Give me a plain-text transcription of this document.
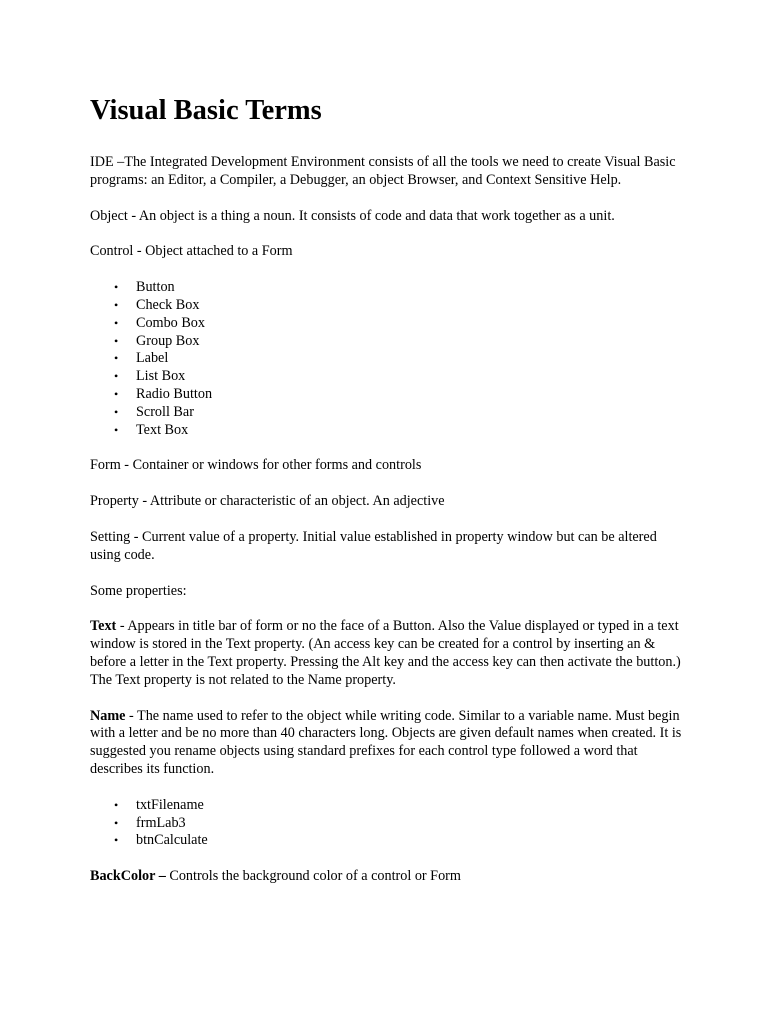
Visual Basic Terms

IDE –The Integrated Development Environment consists of all the tools we need to create Visual Basic programs: an Editor, a Compiler, a Debugger, an object Browser, and Context Sensitive Help.

Object - An object is a thing a noun. It consists of code and data that work together as a unit.

Control - Object attached to a Form

• Button
• Check Box
• Combo Box
• Group Box
• Label
• List Box
• Radio Button
• Scroll Bar
• Text Box

Form - Container or windows for other forms and controls

Property - Attribute or characteristic of an object. An adjective

Setting - Current value of a property. Initial value established in property window but can be altered using code.

Some properties:

Text - Appears in title bar of form or no the face of a Button. Also the Value displayed or typed in a text window is stored in the Text property. (An access key can be created for a control by inserting an & before a letter in the Text property. Pressing the Alt key and the access key can then activate the button.) The Text property is not related to the Name property.

Name - The name used to refer to the object while writing code. Similar to a variable name. Must begin with a letter and be no more than 40 characters long. Objects are given default names when created. It is suggested you rename objects using standard prefixes for each control type followed a word that describes its function.

• txtFilename
• frmLab3
• btnCalculate

BackColor – Controls the background color of a control or Form
